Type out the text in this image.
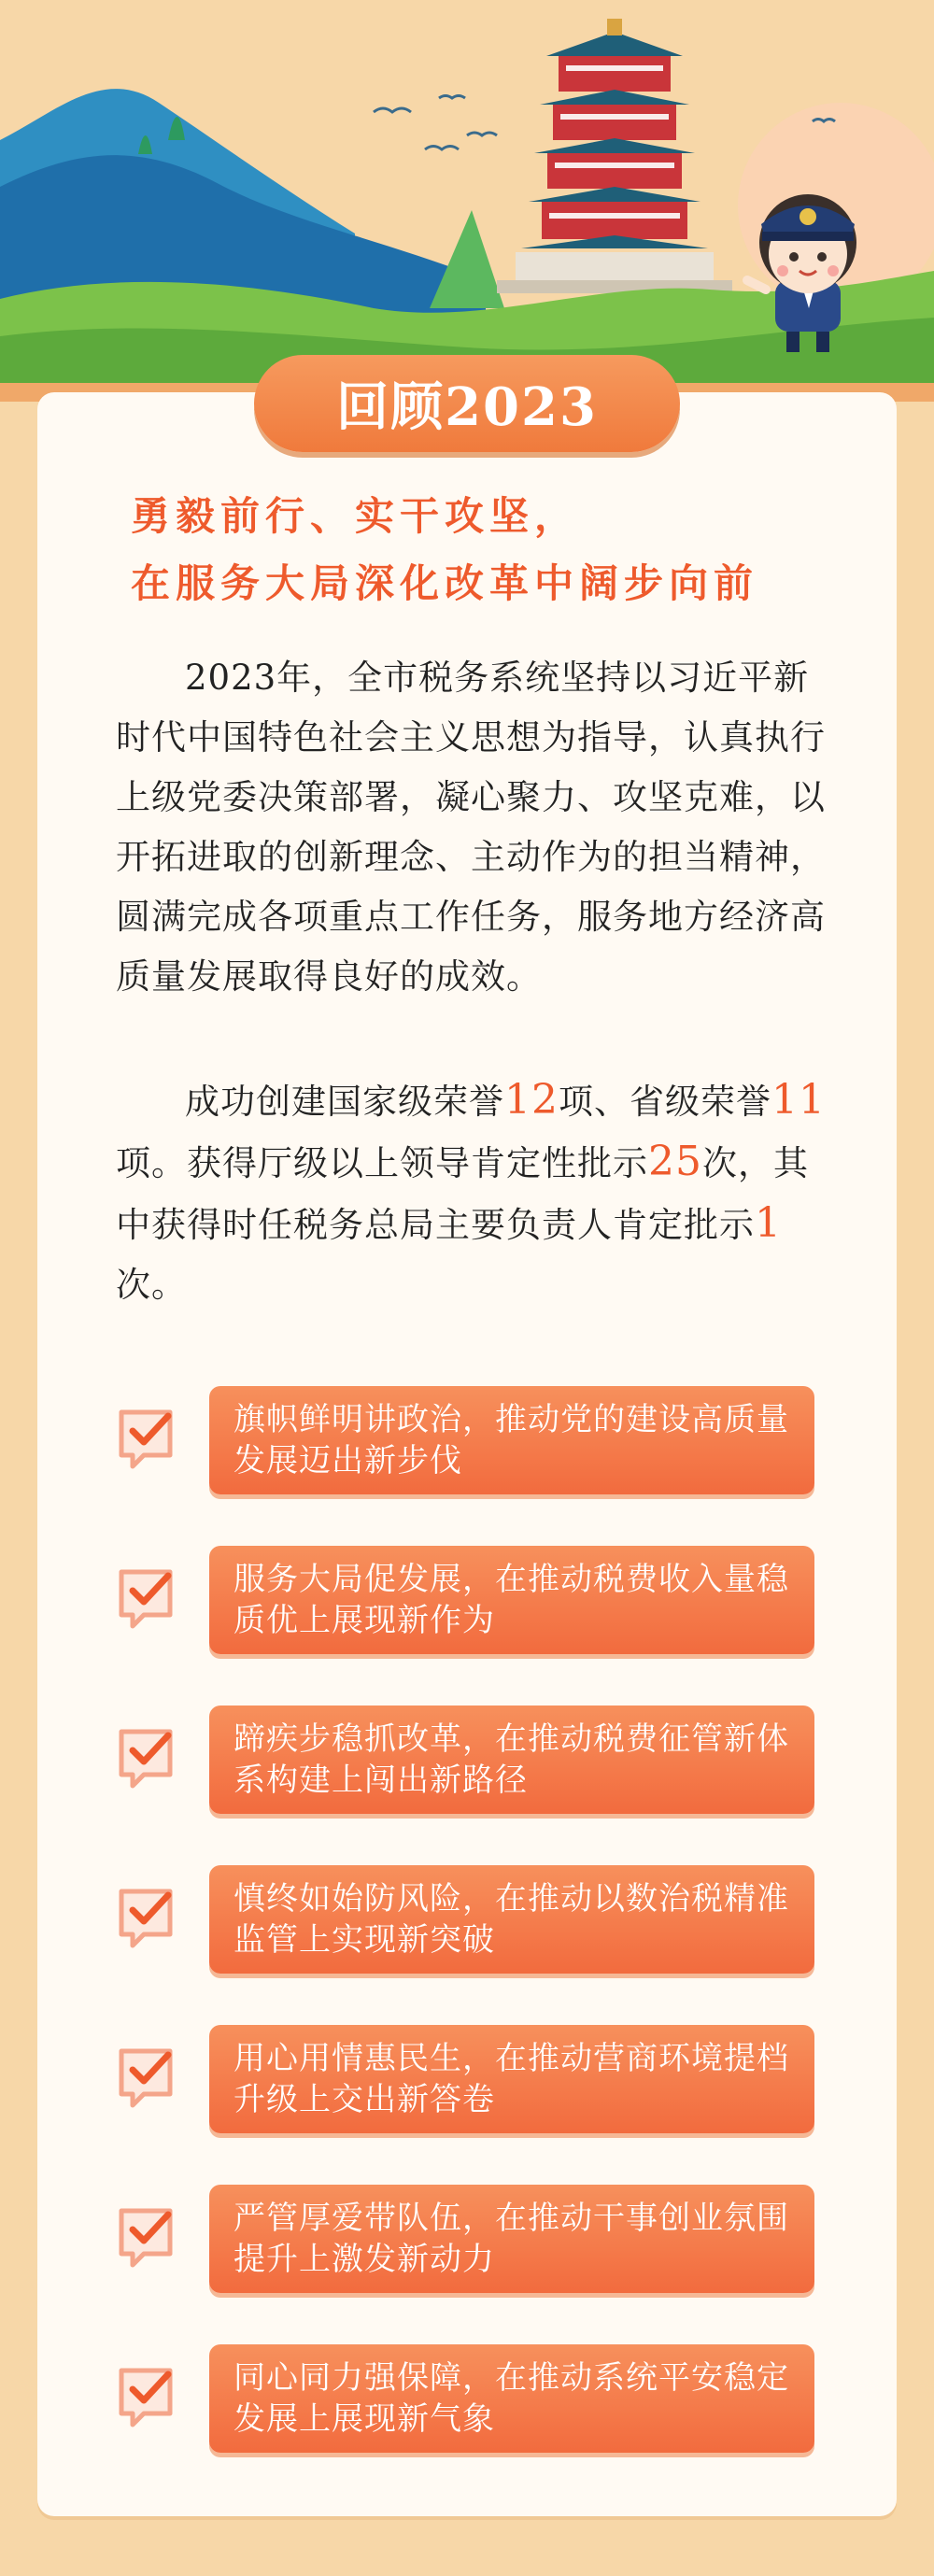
回顾2023
勇毅前行、实干攻坚，
在服务大局深化改革中阔步向前
2023年，全市税务系统坚持以习近平新时代中国特色社会主义思想为指导，认真执行上级党委决策部署，凝心聚力、攻坚克难，以开拓进取的创新理念、主动作为的担当精神，圆满完成各项重点工作任务，服务地方经济高质量发展取得良好的成效。
成功创建国家级荣誉12项、省级荣誉11项。获得厅级以上领导肯定性批示25次，其中获得时任税务总局主要负责人肯定批示1次。
旗帜鲜明讲政治，推动党的建设高质量发展迈出新步伐
服务大局促发展，在推动税费收入量稳质优上展现新作为
蹄疾步稳抓改革，在推动税费征管新体系构建上闯出新路径
慎终如始防风险，在推动以数治税精准监管上实现新突破
用心用情惠民生，在推动营商环境提档升级上交出新答卷
严管厚爱带队伍，在推动干事创业氛围提升上激发新动力
同心同力强保障，在推动系统平安稳定发展上展现新气象
